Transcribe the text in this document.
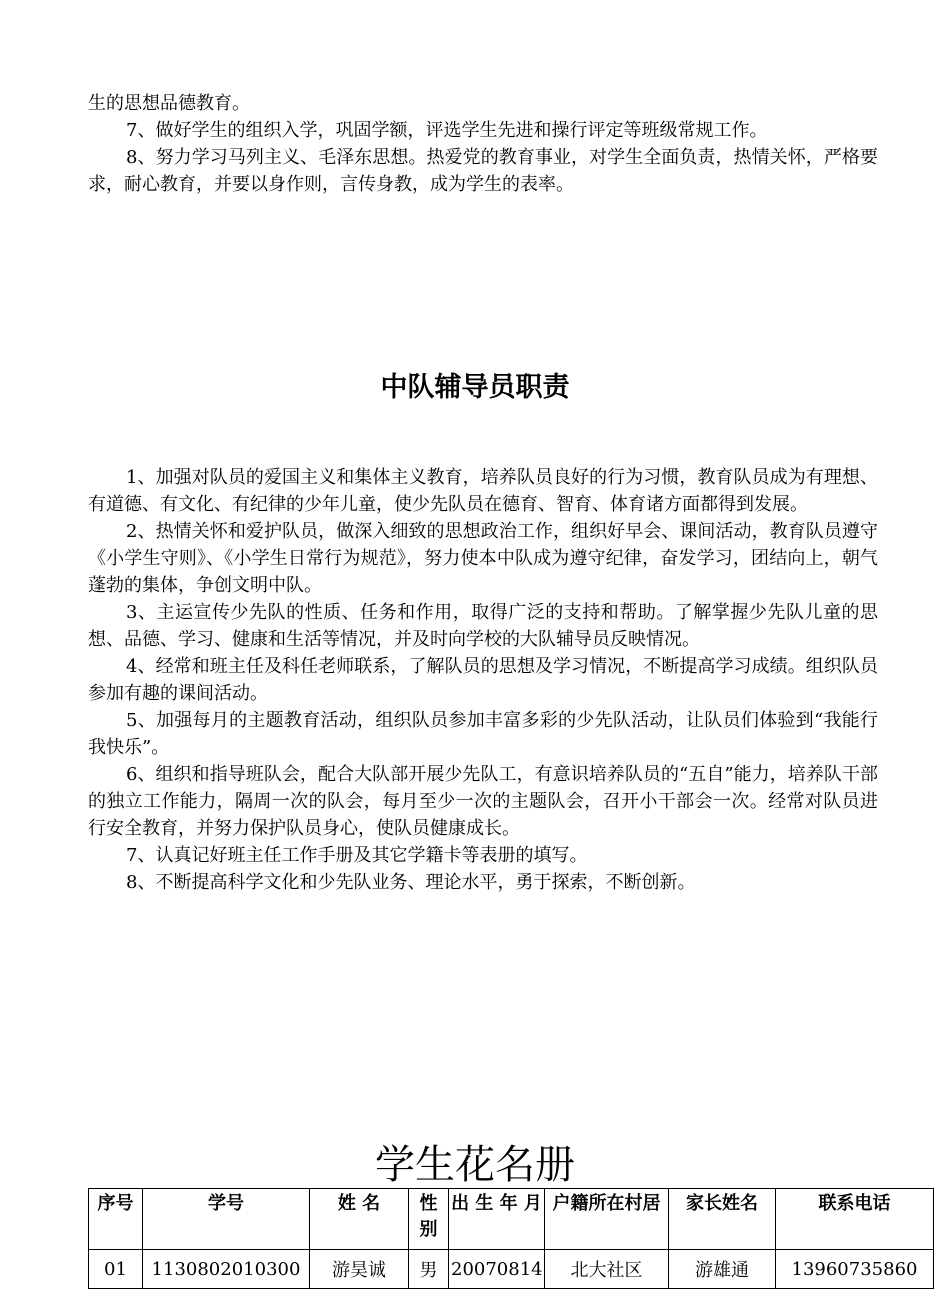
生的思想品德教育。

7、做好学生的组织入学，巩固学额，评选学生先进和操行评定等班级常规工作。

8、努力学习马列主义、毛泽东思想。热爱党的教育事业，对学生全面负责，热情关怀，严格要求，耐心教育，并要以身作则，言传身教，成为学生的表率。

中队辅导员职责

1、加强对队员的爱国主义和集体主义教育，培养队员良好的行为习惯，教育队员成为有理想、有道德、有文化、有纪律的少年儿童，使少先队员在德育、智育、体育诸方面都得到发展。

2、热情关怀和爱护队员，做深入细致的思想政治工作，组织好早会、课间活动，教育队员遵守《小学生守则》、《小学生日常行为规范》，努力使本中队成为遵守纪律，奋发学习，团结向上，朝气蓬勃的集体，争创文明中队。

3、主运宣传少先队的性质、任务和作用，取得广泛的支持和帮助。了解掌握少先队儿童的思想、品德、学习、健康和生活等情况，并及时向学校的大队辅导员反映情况。

4、经常和班主任及科任老师联系，了解队员的思想及学习情况，不断提高学习成绩。组织队员参加有趣的课间活动。

5、加强每月的主题教育活动，组织队员参加丰富多彩的少先队活动，让队员们体验到“我能行我快乐”。

6、组织和指导班队会，配合大队部开展少先队工，有意识培养队员的“五自”能力，培养队干部的独立工作能力，隔周一次的队会，每月至少一次的主题队会，召开小干部会一次。经常对队员进行安全教育，并努力保护队员身心，使队员健康成长。

7、认真记好班主任工作手册及其它学籍卡等表册的填写。

8、不断提高科学文化和少先队业务、理论水平，勇于探索，不断创新。

学生花名册
序号	学号	姓 名	性别	出 生 年 月	户籍所在村居	家长姓名	联系电话
01	1130802010300	游昊诚	男	20070814	北大社区	游雄通	13960735860
